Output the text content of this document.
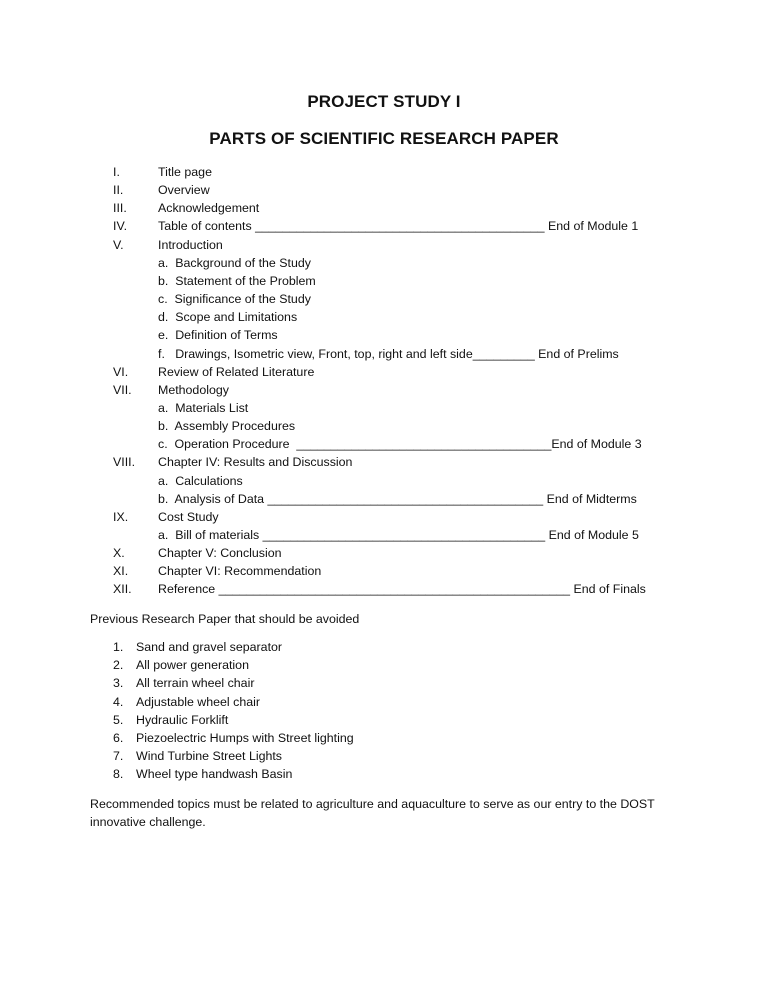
PROJECT STUDY I
PARTS OF SCIENTIFIC RESEARCH PAPER
I.	Title page
II.	Overview
III.	Acknowledgement
IV. Table of contents __________________________________________ End of Module 1
V.	Introduction
a.  Background of the Study
b.  Statement of the Problem
c.  Significance of the Study
d.  Scope and Limitations
e.  Definition of Terms
f.   Drawings, Isometric view, Front, top, right and left side_________ End of Prelims
VI. Review of Related Literature
VII. Methodology
a.  Materials List
b.  Assembly Procedures
c.  Operation Procedure  _____________________________________End of Module 3
VIII. Chapter IV: Results and Discussion
a.  Calculations
b.  Analysis of Data ________________________________________ End of Midterms
IX. Cost Study
a.  Bill of materials _________________________________________ End of Module 5
X.	Chapter V: Conclusion
XI. Chapter VI: Recommendation
XII. Reference ___________________________________________________ End of Finals
Previous Research Paper that should be avoided
1. Sand and gravel separator
2. All power generation
3. All terrain wheel chair
4. Adjustable wheel chair
5. Hydraulic Forklift
6. Piezoelectric Humps with Street lighting
7. Wind Turbine Street Lights
8. Wheel type handwash Basin
Recommended topics must be related to agriculture and aquaculture to serve as our entry to the DOST innovative challenge.
